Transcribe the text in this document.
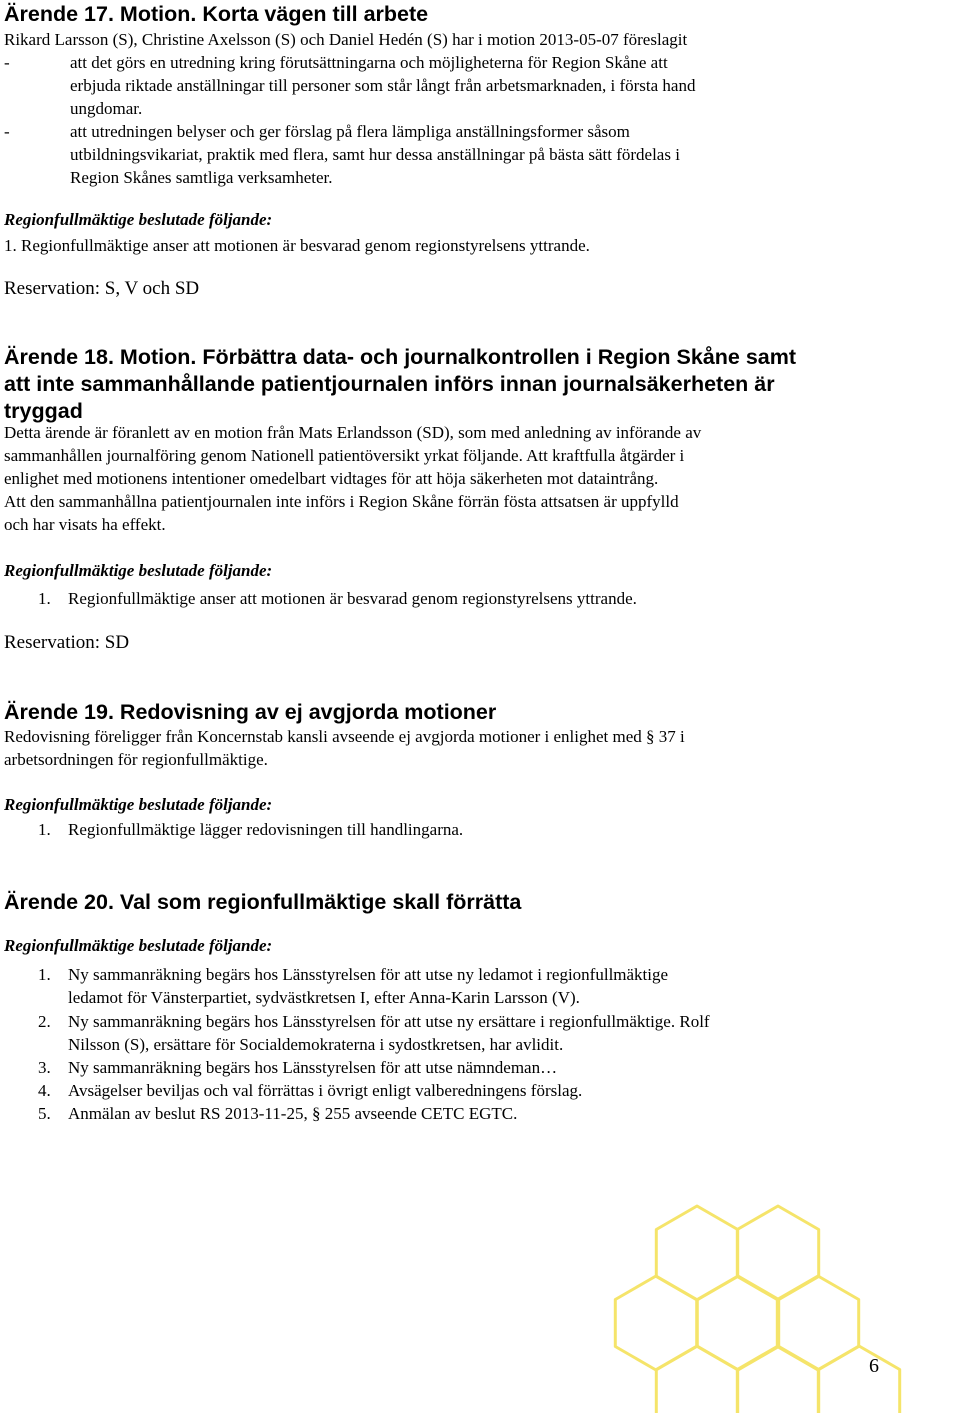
Ärende 17. Motion. Korta vägen till arbete
Rikard Larsson (S), Christine Axelsson (S) och Daniel Hedén (S) har i motion 2013-05-07 föreslagit
-	att det görs en utredning kring förutsättningarna och möjligheterna för Region Skåne att
erbjuda riktade anställningar till personer som står långt från arbetsmarknaden, i första hand
ungdomar.
-	att utredningen belyser och ger förslag på flera lämpliga anställningsformer såsom
utbildningsvikariat, praktik med flera, samt hur dessa anställningar på bästa sätt fördelas i
Region Skånes samtliga verksamheter.
Regionfullmäktige beslutade följande:
1. Regionfullmäktige anser att motionen är besvarad genom regionstyrelsens yttrande.
Reservation: S, V och SD
Ärende 18. Motion. Förbättra data- och journalkontrollen i Region Skåne samt
att inte sammanhållande patientjournalen införs innan journalsäkerheten är
tryggad
Detta ärende är föranlett av en motion från Mats Erlandsson (SD), som med anledning av införande av
sammanhållen journalföring genom Nationell patientöversikt yrkat följande. Att kraftfulla åtgärder i
enlighet med motionens intentioner omedelbart vidtages för att höja säkerheten mot dataintrång.
Att den sammanhållna patientjournalen inte införs i Region Skåne förrän fösta attsatsen är uppfylld
och har visats ha effekt.
Regionfullmäktige beslutade följande:
1. Regionfullmäktige anser att motionen är besvarad genom regionstyrelsens yttrande.
Reservation: SD
Ärende 19. Redovisning av ej avgjorda motioner
Redovisning föreligger från Koncernstab kansli avseende ej avgjorda motioner i enlighet med § 37 i
arbetsordningen för regionfullmäktige.
Regionfullmäktige beslutade följande:
1. Regionfullmäktige lägger redovisningen till handlingarna.
Ärende 20. Val som regionfullmäktige skall förrätta
Regionfullmäktige beslutade följande:
1. Ny sammanräkning begärs hos Länsstyrelsen för att utse ny ledamot i regionfullmäktige
ledamot för Vänsterpartiet, sydvästkretsen I, efter Anna-Karin Larsson (V).
2. Ny sammanräkning begärs hos Länsstyrelsen för att utse ny ersättare i regionfullmäktige. Rolf
Nilsson (S), ersättare för Socialdemokraterna i sydostkretsen, har avlidit.
3. Ny sammanräkning begärs hos Länsstyrelsen för att utse nämndeman…
4. Avsägelser beviljas och val förrättas i övrigt enligt valberedningens förslag.
5. Anmälan av beslut RS 2013-11-25, § 255 avseende CETC EGTC.
6
